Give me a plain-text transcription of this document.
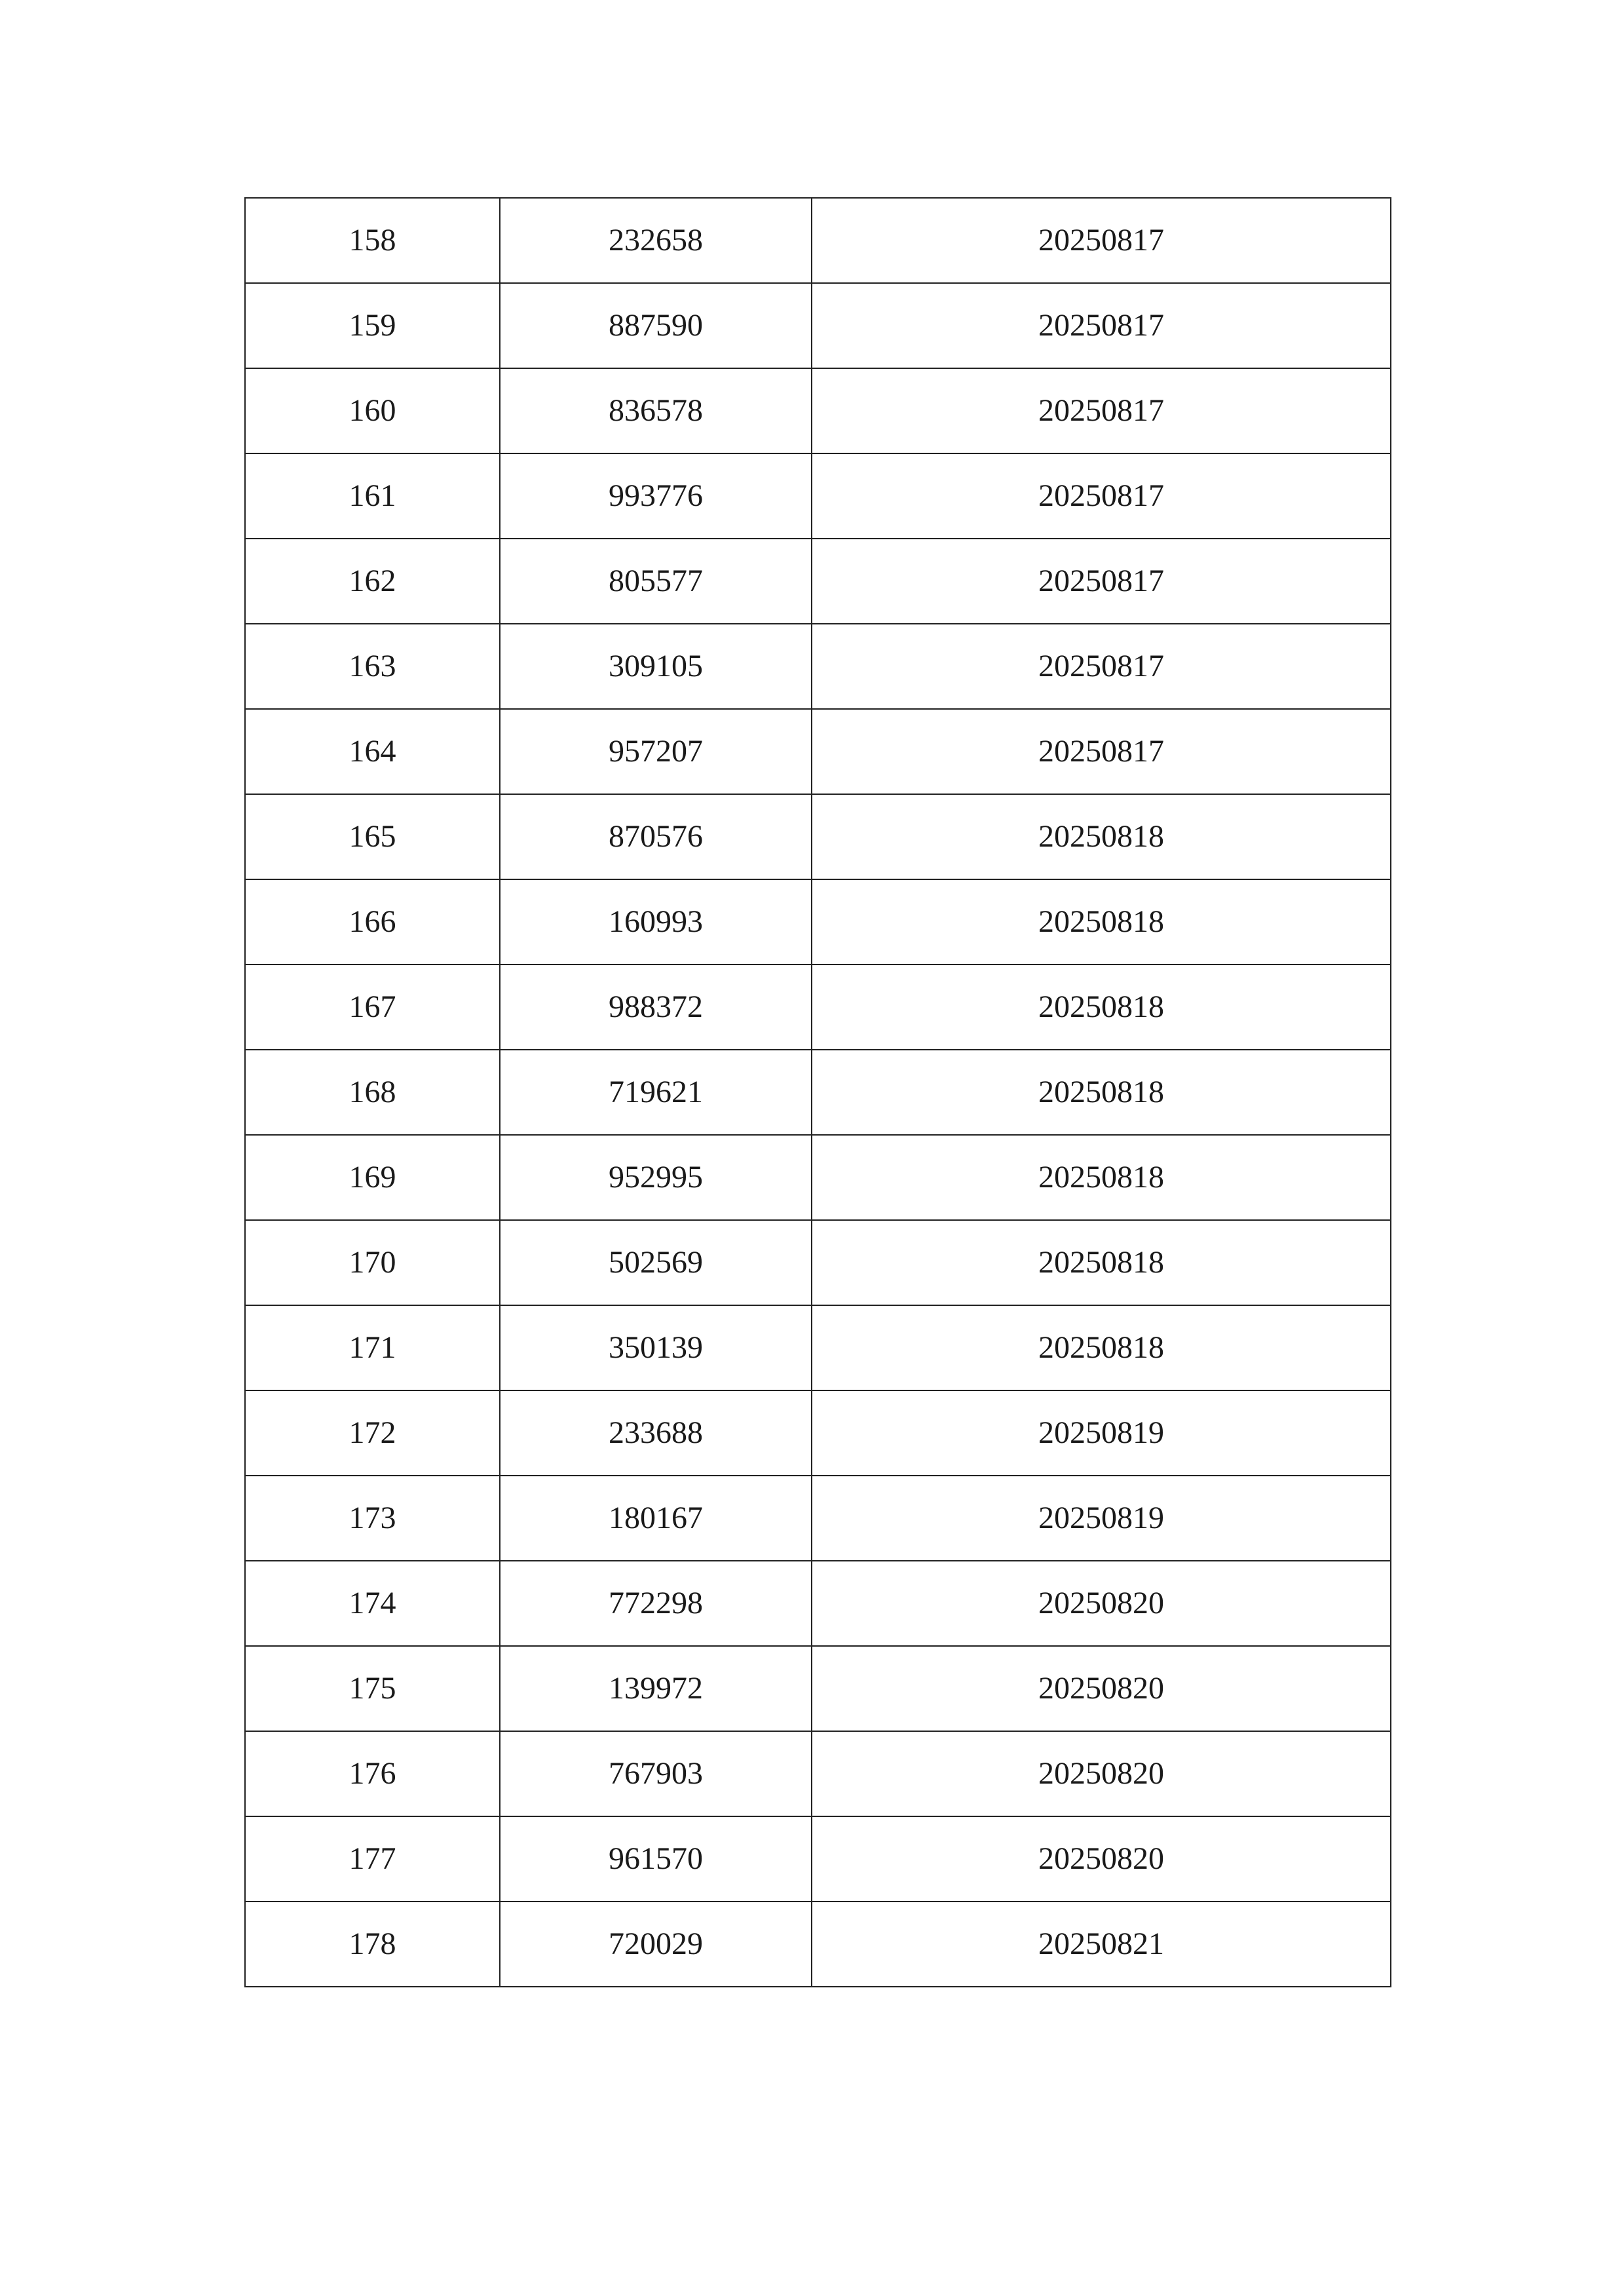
158	232658	20250817
159	887590	20250817
160	836578	20250817
161	993776	20250817
162	805577	20250817
163	309105	20250817
164	957207	20250817
165	870576	20250818
166	160993	20250818
167	988372	20250818
168	719621	20250818
169	952995	20250818
170	502569	20250818
171	350139	20250818
172	233688	20250819
173	180167	20250819
174	772298	20250820
175	139972	20250820
176	767903	20250820
177	961570	20250820
178	720029	20250821
